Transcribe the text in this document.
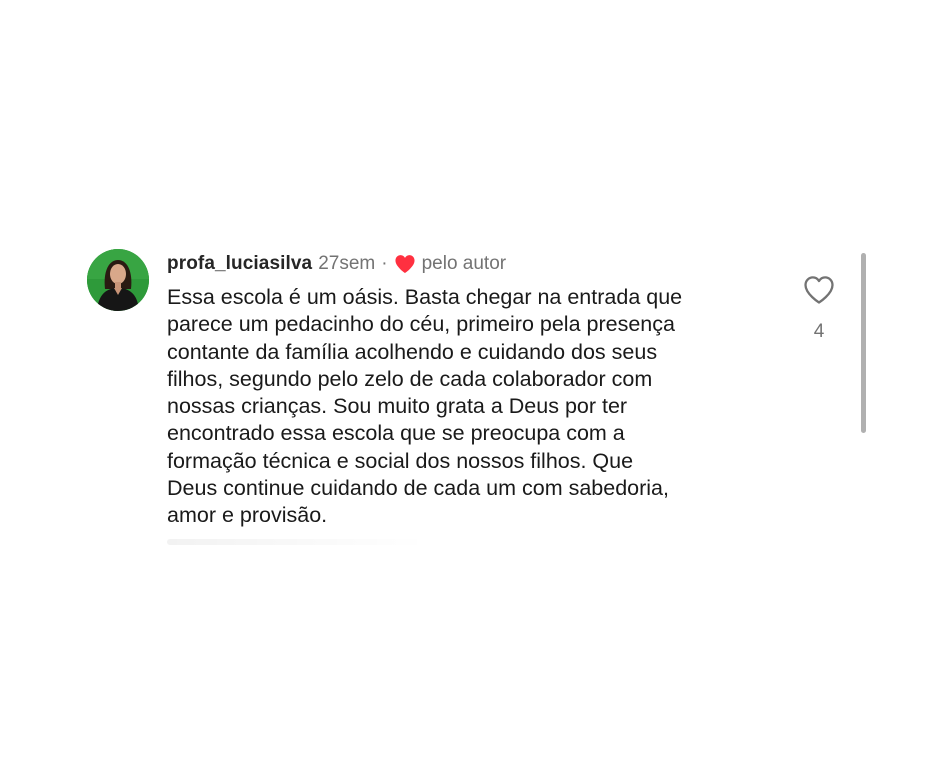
profa_luciasilva 27sem · pelo autor

Essa escola é um oásis. Basta chegar na entrada que
parece um pedacinho do céu, primeiro pela presença
contante da família acolhendo e cuidando dos seus
filhos, segundo pelo zelo de cada colaborador com
nossas crianças. Sou muito grata a Deus por ter
encontrado essa escola que se preocupa com a
formação técnica e social dos nossos filhos. Que
Deus continue cuidando de cada um com sabedoria,
amor e provisão.

4
